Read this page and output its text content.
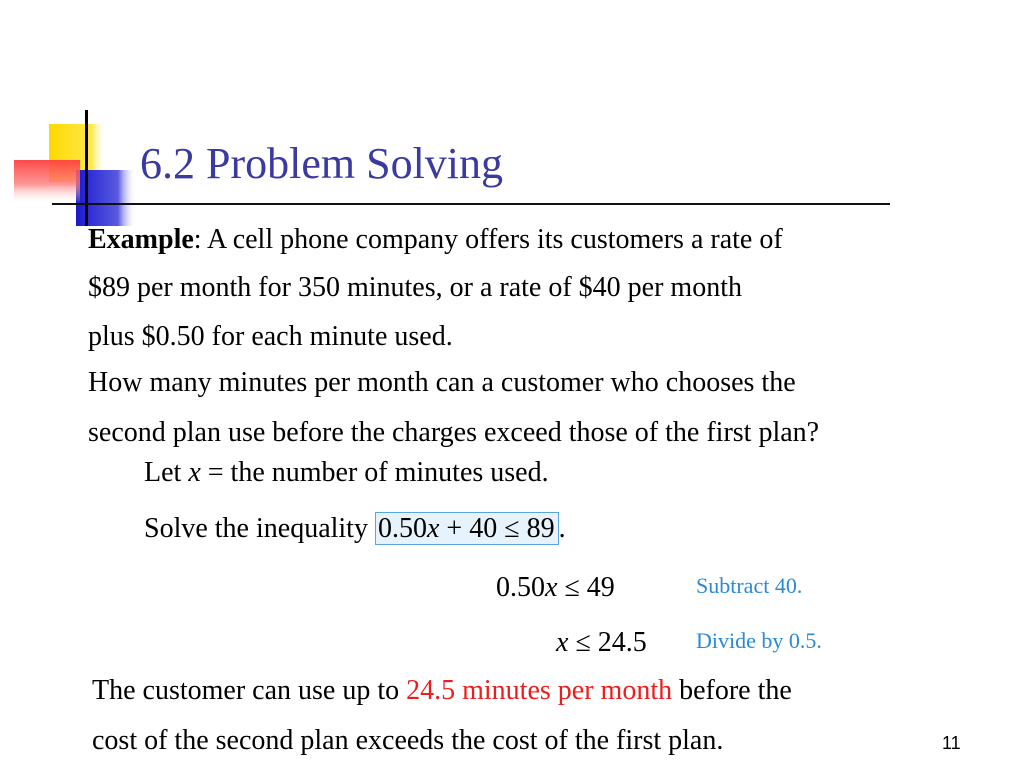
6.2 Problem Solving
Example: A cell phone company offers its customers a rate of
$89 per month for 350 minutes, or a rate of $40 per month
plus $0.50 for each minute used.
How many minutes per month can a customer who chooses the
second plan use before the charges exceed those of the first plan?
Let x = the number of minutes used.
Solve the inequality 0.50x + 40 ≤ 89 .
0.50x ≤ 49	Subtract 40.
x ≤ 24.5 Divide by 0.5.
The customer can use up to 24.5 minutes per month before the
cost of the second plan exceeds the cost of the first plan.	11
